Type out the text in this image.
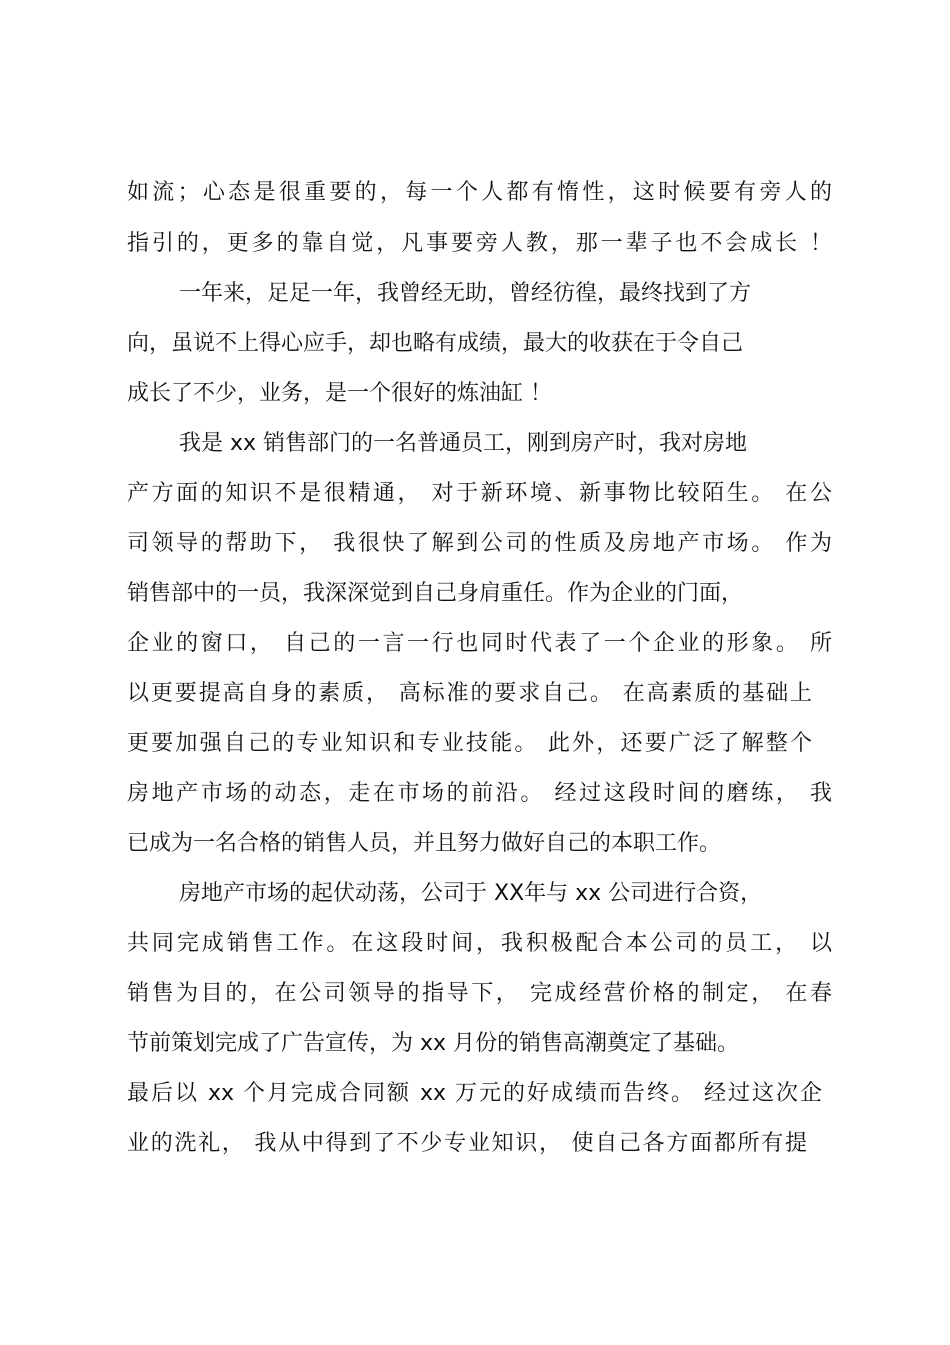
如流；心态是很重要的，每一个人都有惰性，这时候要有旁人的
指引的，更多的靠自觉，凡事要旁人教，那一辈子也不会成长 ！
一年来，足足一年，我曾经无助，曾经彷徨，最终找到了方
向，虽说不上得心应手，却也略有成绩，最大的收获在于令自己
成长了不少，业务，是一个很好的炼油缸 ！
我是 xx 销售部门的一名普通员工，刚到房产时，我对房地
产方面的知识不是很精通， 对于新环境、新事物比较陌生。 在公
司领导的帮助下， 我很快了解到公司的性质及房地产市场。 作为
销售部中的一员，我深深觉到自己身肩重任。作为企业的门面，
企业的窗口， 自己的一言一行也同时代表了一个企业的形象。 所
以更要提高自身的素质， 高标准的要求自己。 在高素质的基础上
更要加强自己的专业知识和专业技能。 此外，还要广泛了解整个
房地产市场的动态，走在市场的前沿。 经过这段时间的磨练， 我
已成为一名合格的销售人员，并且努力做好自己的本职工作。
房地产市场的起伏动荡，公司于 XX年与 xx 公司进行合资，
共同完成销售工作。在这段时间，我积极配合本公司的员工， 以
销售为目的，在公司领导的指导下， 完成经营价格的制定， 在春
节前策划完成了广告宣传，为 xx 月份的销售高潮奠定了基础。
最后以 xx 个月完成合同额 xx 万元的好成绩而告终。 经过这次企
业的洗礼， 我从中得到了不少专业知识， 使自己各方面都所有提
